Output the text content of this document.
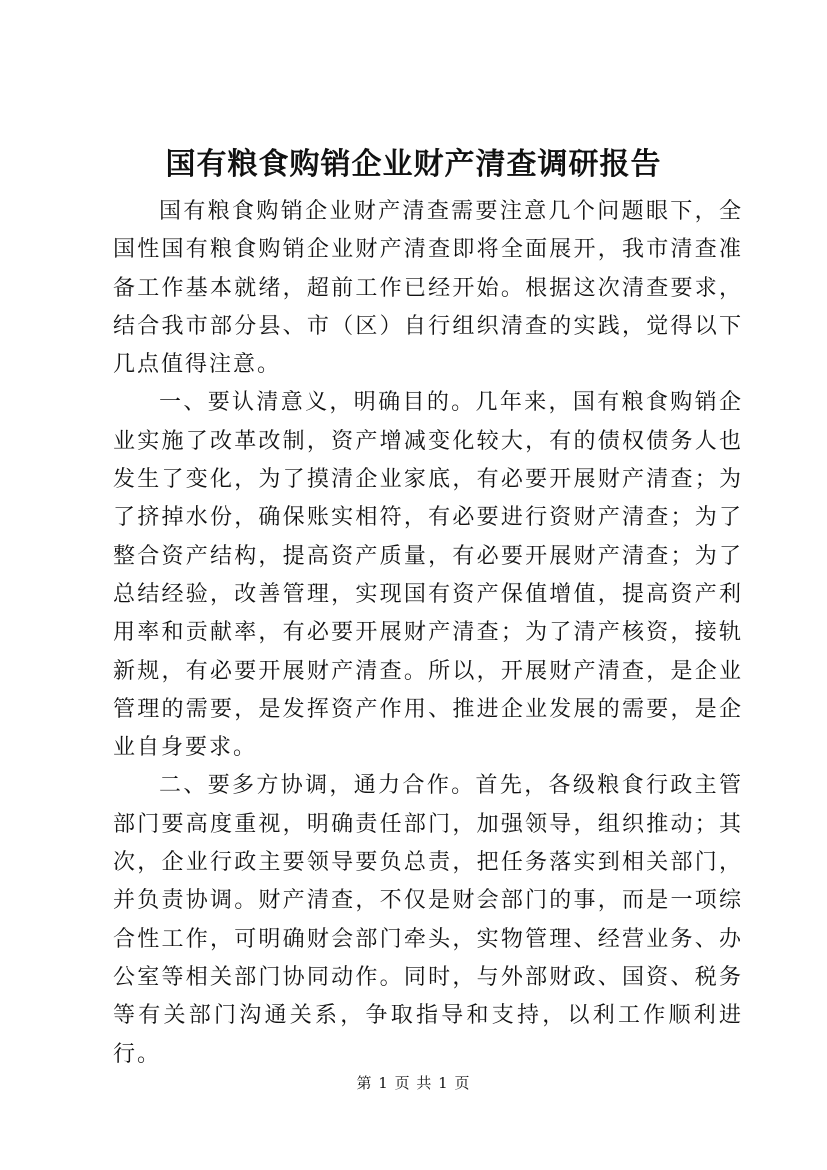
国有粮食购销企业财产清查调研报告

国有粮食购销企业财产清查需要注意几个问题眼下，全国性国有粮食购销企业财产清查即将全面展开，我市清查准备工作基本就绪，超前工作已经开始。根据这次清查要求，结合我市部分县、市（区）自行组织清查的实践，觉得以下几点值得注意。

一、要认清意义，明确目的。几年来，国有粮食购销企业实施了改革改制，资产增减变化较大，有的债权债务人也发生了变化，为了摸清企业家底，有必要开展财产清查；为了挤掉水份，确保账实相符，有必要进行资财产清查；为了整合资产结构，提高资产质量，有必要开展财产清查；为了总结经验，改善管理，实现国有资产保值增值，提高资产利用率和贡献率，有必要开展财产清查；为了清产核资，接轨新规，有必要开展财产清查。所以，开展财产清查，是企业管理的需要，是发挥资产作用、推进企业发展的需要，是企业自身要求。

二、要多方协调，通力合作。首先，各级粮食行政主管部门要高度重视，明确责任部门，加强领导，组织推动；其次，企业行政主要领导要负总责，把任务落实到相关部门，并负责协调。财产清查，不仅是财会部门的事，而是一项综合性工作，可明确财会部门牵头，实物管理、经营业务、办公室等相关部门协同动作。同时，与外部财政、国资、税务等有关部门沟通关系，争取指导和支持，以利工作顺利进行。

第 1 页 共 1 页
